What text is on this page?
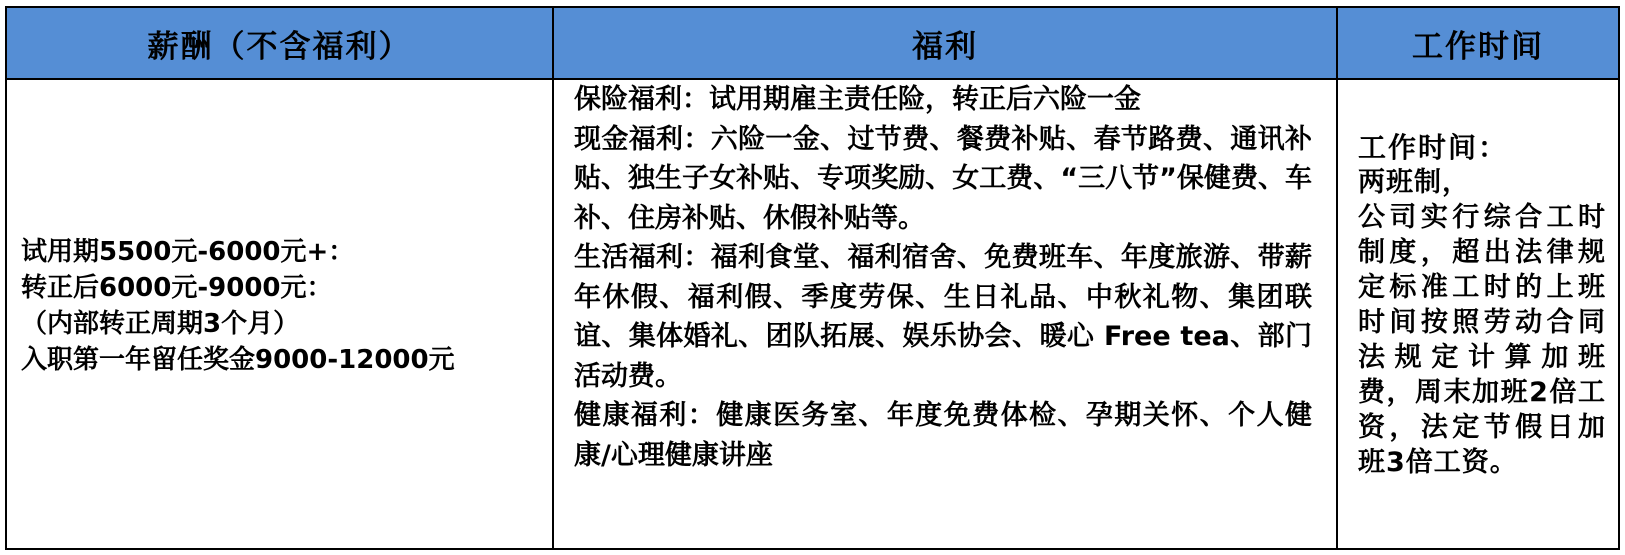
薪酬（不含福利）	福利	工作时间

试用期5500元-6000元+：

转正后6000元-9000元：

（内部转正周期3个月）

入职第一年留任奖金9000-12000元

保险福利：试用期雇主责任险，转正后六险一金

现金福利：六险一金、过节费、餐费补贴、春节路费、通讯补贴、独生子女补贴、专项奖励、女工费、“三八节”保健费、车补、住房补贴、休假补贴等。

生活福利：福利食堂、福利宿舍、免费班车、年度旅游、带薪年休假、福利假、季度劳保、生日礼品、中秋礼物、集团联谊、集体婚礼、团队拓展、娱乐协会、暖心 Free tea、部门活动费。

健康福利：健康医务室、年度免费体检、孕期关怀、个人健康/心理健康讲座

工作时间：

两班制，

公司实行综合工时制度，超出法律规定标准工时的上班时间按照劳动合同法规定计算加班费，周末加班2倍工资，法定节假日加班3倍工资。
